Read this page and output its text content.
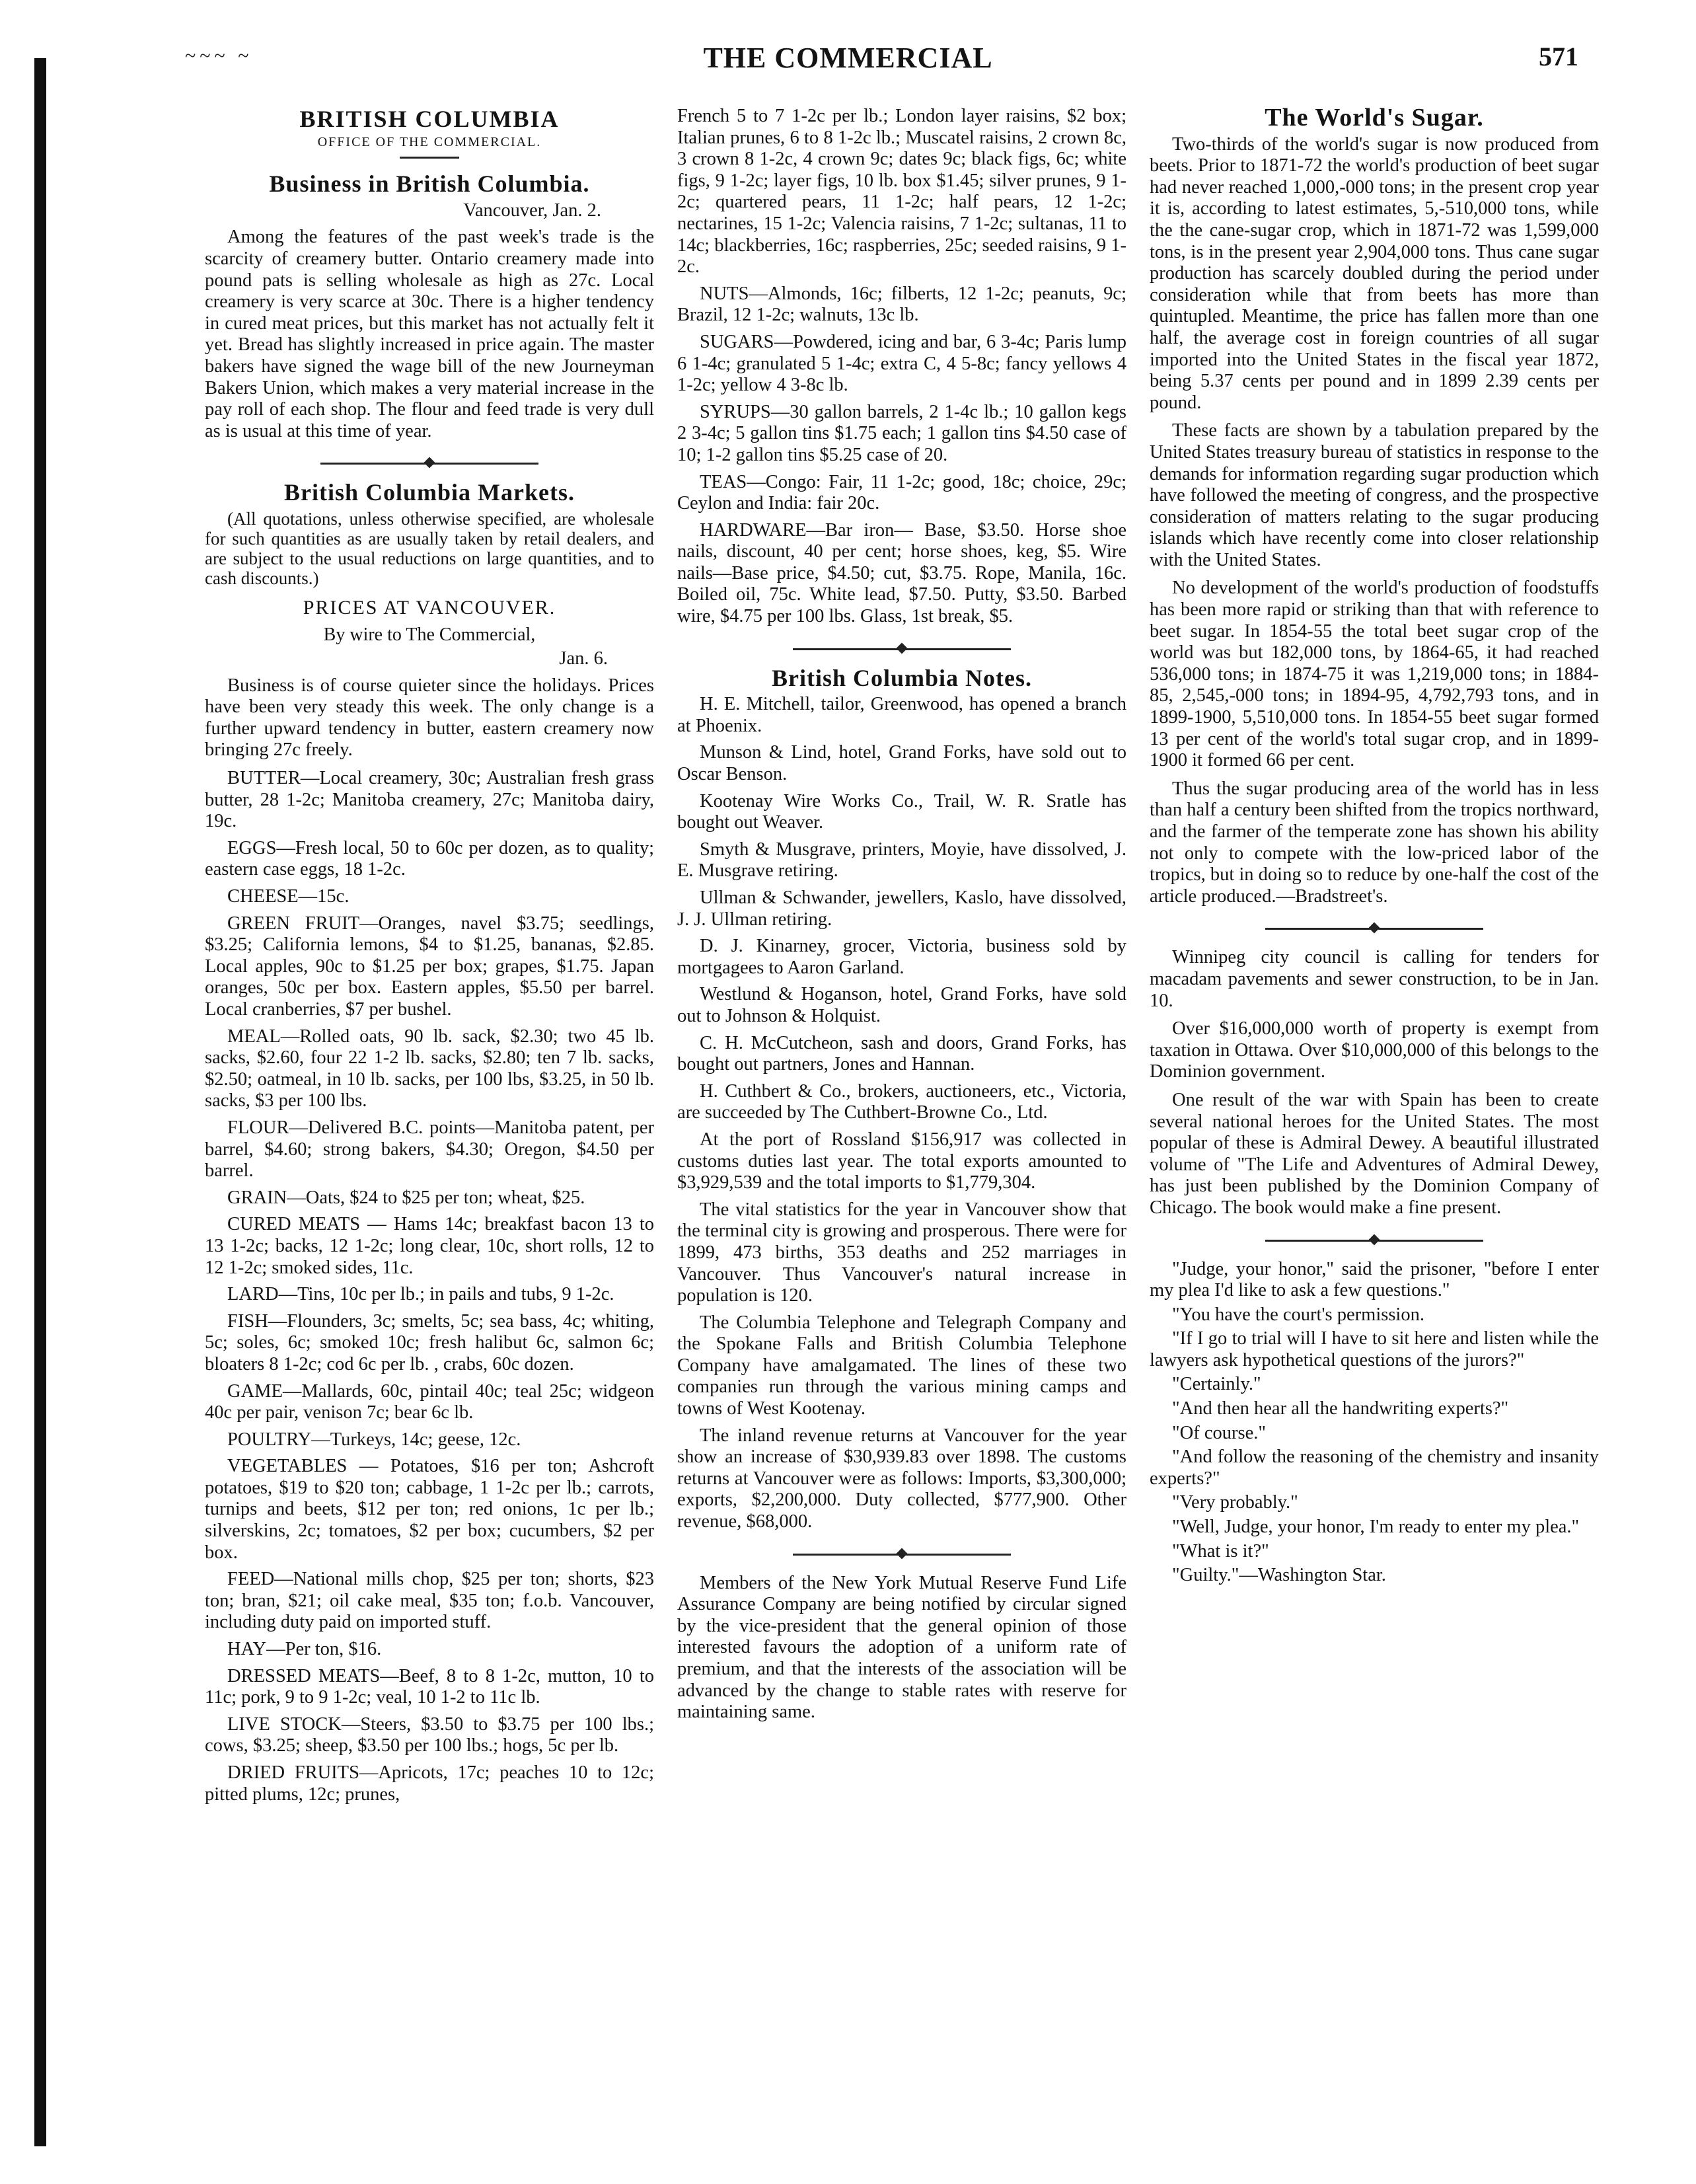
~~~ ~	THE COMMERCIAL	571
BRITISH COLUMBIA
OFFICE OF THE COMMERCIAL.
Business in British Columbia.

Vancouver, Jan. 2.

Among the features of the past week's trade is the scarcity of creamery butter. Ontario creamery made into pound pats is selling wholesale as high as 27c. Local creamery is very scarce at 30c. There is a higher tendency in cured meat prices, but this market has not actually felt it yet. Bread has slightly increased in price again. The master bakers have signed the wage bill of the new Journeyman Bakers Union, which makes a very material increase in the pay roll of each shop. The flour and feed trade is very dull as is usual at this time of year.

British Columbia Markets.

(All quotations, unless otherwise specified, are wholesale for such quantities as are usually taken by retail dealers, and are subject to the usual reductions on large quantities, and to cash discounts.)

PRICES AT VANCOUVER.

By wire to The Commercial,

Jan. 6.

Business is of course quieter since the holidays. Prices have been very steady this week. The only change is a further upward tendency in butter, eastern creamery now bringing 27c freely.

BUTTER—Local creamery, 30c; Australian fresh grass butter, 28 1-2c; Manitoba creamery, 27c; Manitoba dairy, 19c.

EGGS—Fresh local, 50 to 60c per dozen, as to quality; eastern case eggs, 18 1-2c.

CHEESE—15c.

GREEN FRUIT—Oranges, navel $3.75; seedlings, $3.25; California lemons, $4 to $1.25, bananas, $2.85. Local apples, 90c to $1.25 per box; grapes, $1.75. Japan oranges, 50c per box. Eastern apples, $5.50 per barrel. Local cranberries, $7 per bushel.

MEAL—Rolled oats, 90 lb. sack, $2.30; two 45 lb. sacks, $2.60, four 22 1-2 lb. sacks, $2.80; ten 7 lb. sacks, $2.50; oatmeal, in 10 lb. sacks, per 100 lbs, $3.25, in 50 lb. sacks, $3 per 100 lbs.

FLOUR—Delivered B.C. points—Manitoba patent, per barrel, $4.60; strong bakers, $4.30; Oregon, $4.50 per barrel.

GRAIN—Oats, $24 to $25 per ton; wheat, $25.

CURED MEATS — Hams 14c; breakfast bacon 13 to 13 1-2c; backs, 12 1-2c; long clear, 10c, short rolls, 12 to 12 1-2c; smoked sides, 11c.

LARD—Tins, 10c per lb.; in pails and tubs, 9 1-2c.

FISH—Flounders, 3c; smelts, 5c; sea bass, 4c; whiting, 5c; soles, 6c; smoked 10c; fresh halibut 6c, salmon 6c; bloaters 8 1-2c; cod 6c per lb. , crabs, 60c dozen.

GAME—Mallards, 60c, pintail 40c; teal 25c; widgeon 40c per pair, venison 7c; bear 6c lb.

POULTRY—Turkeys, 14c; geese, 12c.

VEGETABLES — Potatoes, $16 per ton; Ashcroft potatoes, $19 to $20 ton; cabbage, 1 1-2c per lb.; carrots, turnips and beets, $12 per ton; red onions, 1c per lb.; silverskins, 2c; tomatoes, $2 per box; cucumbers, $2 per box.

FEED—National mills chop, $25 per ton; shorts, $23 ton; bran, $21; oil cake meal, $35 ton; f.o.b. Vancouver, including duty paid on imported stuff.

HAY—Per ton, $16.

DRESSED MEATS—Beef, 8 to 8 1-2c, mutton, 10 to 11c; pork, 9 to 9 1-2c; veal, 10 1-2 to 11c lb.

LIVE STOCK—Steers, $3.50 to $3.75 per 100 lbs.; cows, $3.25; sheep, $3.50 per 100 lbs.; hogs, 5c per lb.

DRIED FRUITS—Apricots, 17c; peaches 10 to 12c; pitted plums, 12c; prunes,

French 5 to 7 1-2c per lb.; London layer raisins, $2 box; Italian prunes, 6 to 8 1-2c lb.; Muscatel raisins, 2 crown 8c, 3 crown 8 1-2c, 4 crown 9c; dates 9c; black figs, 6c; white figs, 9 1-2c; layer figs, 10 lb. box $1.45; silver prunes, 9 1-2c; quartered pears, 11 1-2c; half pears, 12 1-2c; nectarines, 15 1-2c; Valencia raisins, 7 1-2c; sultanas, 11 to 14c; blackberries, 16c; raspberries, 25c; seeded raisins, 9 1-2c.

NUTS—Almonds, 16c; filberts, 12 1-2c; peanuts, 9c; Brazil, 12 1-2c; walnuts, 13c lb.

SUGARS—Powdered, icing and bar, 6 3-4c; Paris lump 6 1-4c; granulated 5 1-4c; extra C, 4 5-8c; fancy yellows 4 1-2c; yellow 4 3-8c lb.

SYRUPS—30 gallon barrels, 2 1-4c lb.; 10 gallon kegs 2 3-4c; 5 gallon tins $1.75 each; 1 gallon tins $4.50 case of 10; 1-2 gallon tins $5.25 case of 20.

TEAS—Congo: Fair, 11 1-2c; good, 18c; choice, 29c; Ceylon and India: fair 20c.

HARDWARE—Bar iron— Base, $3.50. Horse shoe nails, discount, 40 per cent; horse shoes, keg, $5. Wire nails—Base price, $4.50; cut, $3.75. Rope, Manila, 16c. Boiled oil, 75c. White lead, $7.50. Putty, $3.50. Barbed wire, $4.75 per 100 lbs. Glass, 1st break, $5.

British Columbia Notes.

H. E. Mitchell, tailor, Greenwood, has opened a branch at Phoenix.

Munson & Lind, hotel, Grand Forks, have sold out to Oscar Benson.

Kootenay Wire Works Co., Trail, W. R. Sratle has bought out Weaver.

Smyth & Musgrave, printers, Moyie, have dissolved, J. E. Musgrave retiring.

Ullman & Schwander, jewellers, Kaslo, have dissolved, J. J. Ullman retiring.

D. J. Kinarney, grocer, Victoria, business sold by mortgagees to Aaron Garland.

Westlund & Hoganson, hotel, Grand Forks, have sold out to Johnson & Holquist.

C. H. McCutcheon, sash and doors, Grand Forks, has bought out partners, Jones and Hannan.

H. Cuthbert & Co., brokers, auctioneers, etc., Victoria, are succeeded by The Cuthbert-Browne Co., Ltd.

At the port of Rossland $156,917 was collected in customs duties last year. The total exports amounted to $3,929,539 and the total imports to $1,779,304.

The vital statistics for the year in Vancouver show that the terminal city is growing and prosperous. There were for 1899, 473 births, 353 deaths and 252 marriages in Vancouver. Thus Vancouver's natural increase in population is 120.

The Columbia Telephone and Telegraph Company and the Spokane Falls and British Columbia Telephone Company have amalgamated. The lines of these two companies run through the various mining camps and towns of West Kootenay.

The inland revenue returns at Vancouver for the year show an increase of $30,939.83 over 1898. The customs returns at Vancouver were as follows: Imports, $3,300,000; exports, $2,200,000. Duty collected, $777,900. Other revenue, $68,000.

Members of the New York Mutual Reserve Fund Life Assurance Company are being notified by circular signed by the vice-president that the general opinion of those interested favours the adoption of a uniform rate of premium, and that the interests of the association will be advanced by the change to stable rates with reserve for maintaining same.

The World's Sugar.

Two-thirds of the world's sugar is now produced from beets. Prior to 1871-72 the world's production of beet sugar had never reached 1,000,-000 tons; in the present crop year it is, according to latest estimates, 5,-510,000 tons, while the the cane-sugar crop, which in 1871-72 was 1,599,000 tons, is in the present year 2,904,000 tons. Thus cane sugar production has scarcely doubled during the period under consideration while that from beets has more than quintupled. Meantime, the price has fallen more than one half, the average cost in foreign countries of all sugar imported into the United States in the fiscal year 1872, being 5.37 cents per pound and in 1899 2.39 cents per pound.

These facts are shown by a tabulation prepared by the United States treasury bureau of statistics in response to the demands for information regarding sugar production which have followed the meeting of congress, and the prospective consideration of matters relating to the sugar producing islands which have recently come into closer relationship with the United States.

No development of the world's production of foodstuffs has been more rapid or striking than that with reference to beet sugar. In 1854-55 the total beet sugar crop of the world was but 182,000 tons, by 1864-65, it had reached 536,000 tons; in 1874-75 it was 1,219,000 tons; in 1884-85, 2,545,-000 tons; in 1894-95, 4,792,793 tons, and in 1899-1900, 5,510,000 tons. In 1854-55 beet sugar formed 13 per cent of the world's total sugar crop, and in 1899-1900 it formed 66 per cent.

Thus the sugar producing area of the world has in less than half a century been shifted from the tropics northward, and the farmer of the temperate zone has shown his ability not only to compete with the low-priced labor of the tropics, but in doing so to reduce by one-half the cost of the article produced.—Bradstreet's.

Winnipeg city council is calling for tenders for macadam pavements and sewer construction, to be in Jan. 10.

Over $16,000,000 worth of property is exempt from taxation in Ottawa. Over $10,000,000 of this belongs to the Dominion government.

One result of the war with Spain has been to create several national heroes for the United States. The most popular of these is Admiral Dewey. A beautiful illustrated volume of "The Life and Adventures of Admiral Dewey, has just been published by the Dominion Company of Chicago. The book would make a fine present.

"Judge, your honor," said the prisoner, "before I enter my plea I'd like to ask a few questions."

"You have the court's permission.

"If I go to trial will I have to sit here and listen while the lawyers ask hypothetical questions of the jurors?"

"Certainly."

"And then hear all the handwriting experts?"

"Of course."

"And follow the reasoning of the chemistry and insanity experts?"

"Very probably."

"Well, Judge, your honor, I'm ready to enter my plea."

"What is it?"

"Guilty."—Washington Star.
